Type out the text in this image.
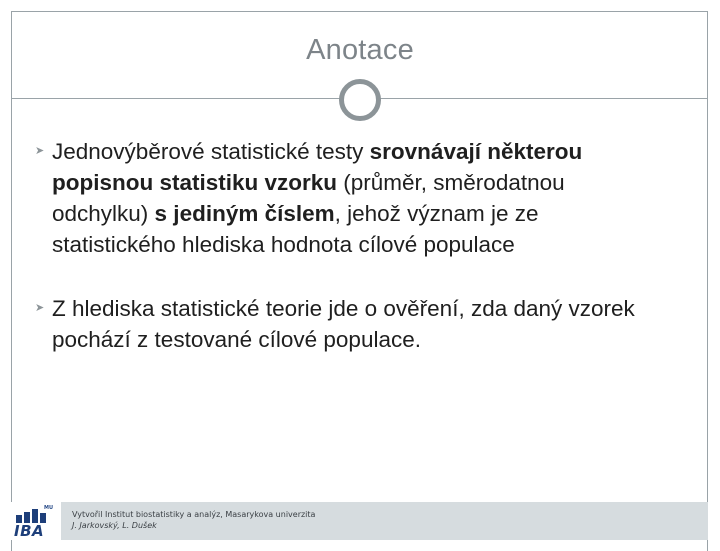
Anotace
➤ Jednovýběrové statistické testy srovnávají některou popisnou statistiku vzorku (průměr, směrodatnou odchylku) s jediným číslem, jehož význam je ze statistického hlediska hodnota cílové populace
➤ Z hlediska statistické teorie jde o ověření, zda daný vzorek pochází z testované cílové populace.
MU
IBA
Vytvořil Institut biostatistiky a analýz, Masarykova univerzita
J. Jarkovský, L. Dušek
